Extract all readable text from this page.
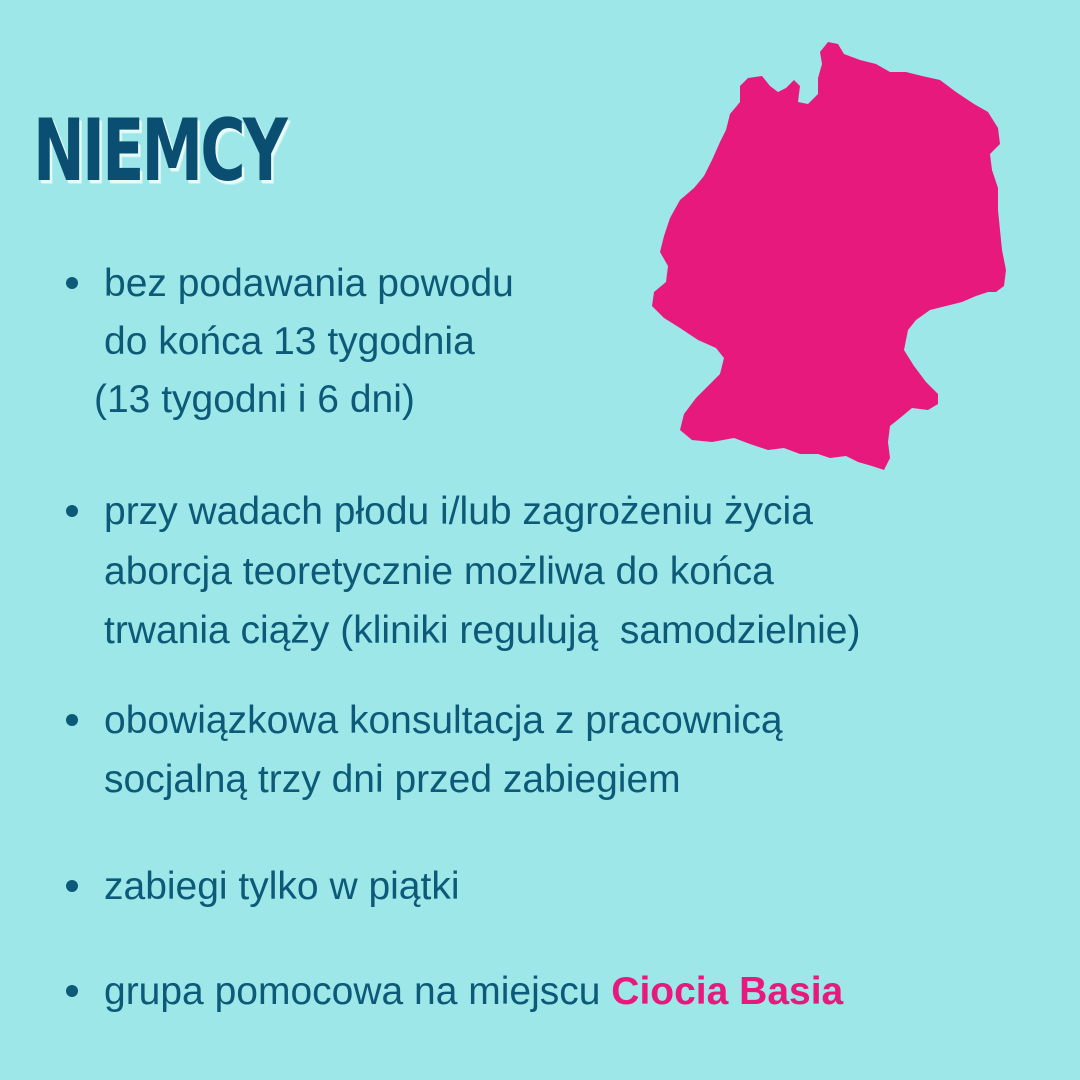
NIEMCY
bez podawania powodu
do końca 13 tygodnia
(13 tygodni i 6 dni)
przy wadach płodu i/lub zagrożeniu życia
aborcja teoretycznie możliwa do końca
trwania ciąży (kliniki regulują  samodzielnie)
obowiązkowa konsultacja z pracownicą
socjalną trzy dni przed zabiegiem
zabiegi tylko w piątki
grupa pomocowa na miejscu Ciocia Basia
